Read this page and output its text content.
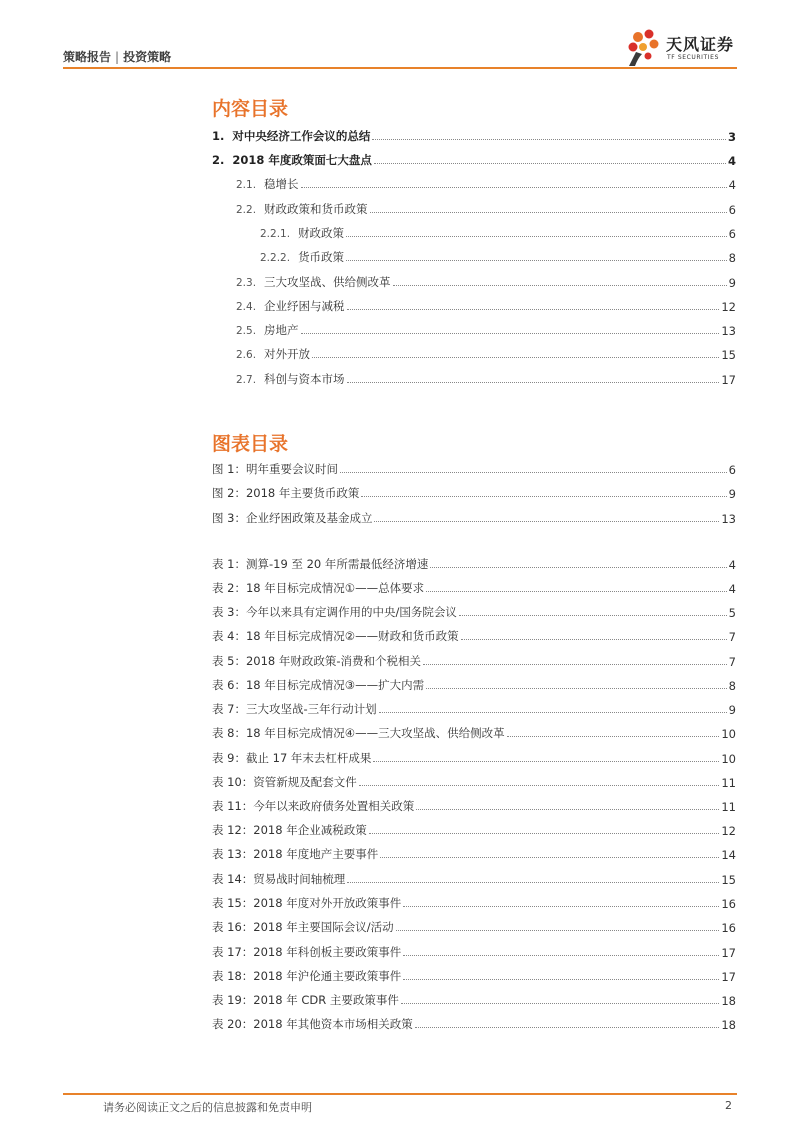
策略报告 | 投资策略
天风证券
TF SECURITIES
内容目录
1. 对中央经济工作会议的总结	3
2. 2018 年度政策面七大盘点	4
2.1. 稳增长	4
2.2. 财政政策和货币政策	6
2.2.1. 财政政策	6
2.2.2. 货币政策	8
2.3. 三大攻坚战、供给侧改革	9
2.4. 企业纾困与减税	12
2.5. 房地产	13
2.6. 对外开放	15
2.7. 科创与资本市场	17
图表目录
图 1：明年重要会议时间	6
图 2：2018 年主要货币政策	9
图 3：企业纾困政策及基金成立	13
表 1：测算-19 至 20 年所需最低经济增速	4
表 2：18 年目标完成情况①——总体要求	4
表 3：今年以来具有定调作用的中央/国务院会议	5
表 4：18 年目标完成情况②——财政和货币政策	7
表 5：2018 年财政政策-消费和个税相关	7
表 6：18 年目标完成情况③——扩大内需	8
表 7：三大攻坚战-三年行动计划	9
表 8：18 年目标完成情况④——三大攻坚战、供给侧改革	10
表 9：截止 17 年末去杠杆成果	10
表 10：资管新规及配套文件	11
表 11：今年以来政府债务处置相关政策	11
表 12：2018 年企业减税政策	12
表 13：2018 年度地产主要事件	14
表 14：贸易战时间轴梳理	15
表 15：2018 年度对外开放政策事件	16
表 16：2018 年主要国际会议/活动	16
表 17：2018 年科创板主要政策事件	17
表 18：2018 年沪伦通主要政策事件	17
表 19：2018 年 CDR 主要政策事件	18
表 20：2018 年其他资本市场相关政策	18
请务必阅读正文之后的信息披露和免责申明	2
